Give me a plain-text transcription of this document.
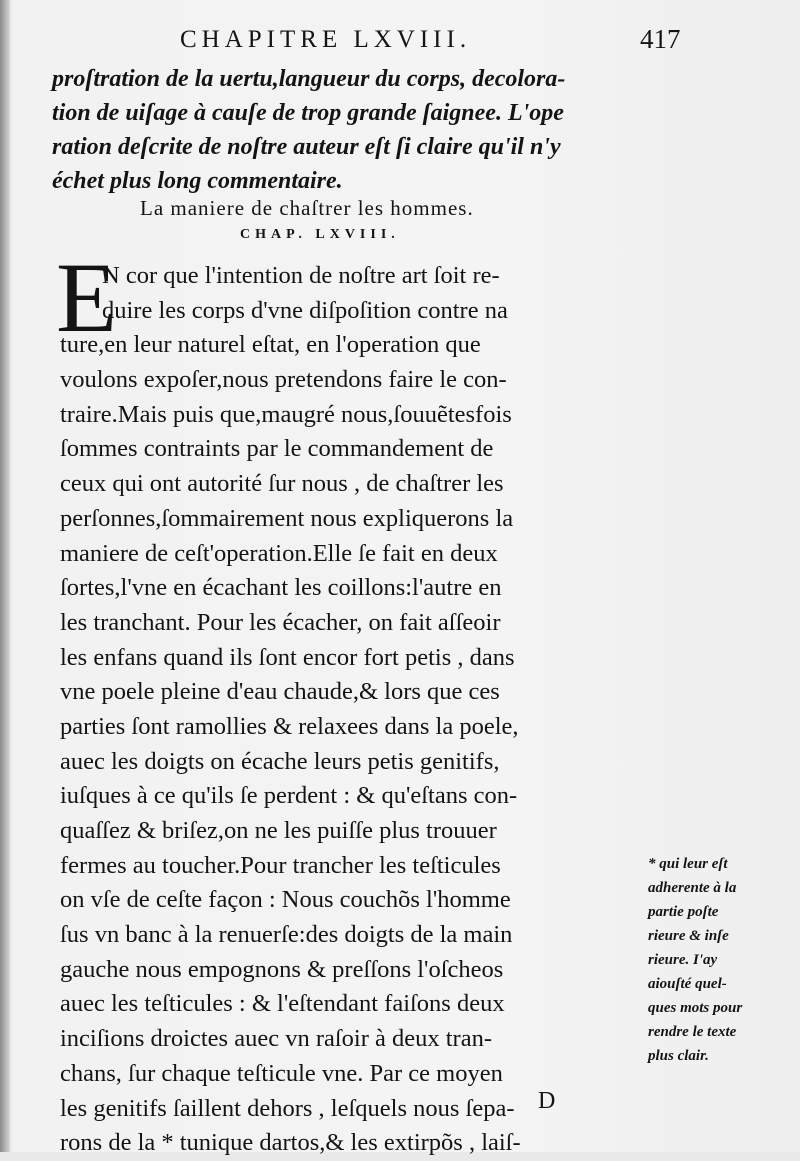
CHAPITRE LXVIII.	417
proſtration de la uertu,langueur du corps, decolora-
tion de uiſage à cauſe de trop grande ſaignee. L'ope
ration deſcrite de noſtre auteur eſt ſi claire qu'il n'y
échet plus long commentaire.
La maniere de chaſtrer les hommes.
CHAP. LXVIII.
E
N cor que l'intention de noſtre art ſoit re-
duire les corps d'vne diſpoſition contre na
ture,en leur naturel eſtat, en l'operation que
voulons expoſer,nous pretendons faire le con-
traire.Mais puis que,maugré nous,ſouuẽtesfois
ſommes contraints par le commandement de
ceux qui ont autorité ſur nous , de chaſtrer les
perſonnes,ſommairement nous expliquerons la
maniere de ceſt'operation.Elle ſe fait en deux
ſortes,l'vne en écachant les coillons:l'autre en
les tranchant. Pour les écacher, on fait aſſeoir
les enfans quand ils ſont encor fort petis , dans
vne poele pleine d'eau chaude,& lors que ces
parties ſont ramollies & relaxees dans la poele,
auec les doigts on écache leurs petis genitifs,
iuſques à ce qu'ils ſe perdent : & qu'eſtans con-
quaſſez & briſez,on ne les puiſſe plus trouuer
fermes au toucher.Pour trancher les teſticules
on vſe de ceſte façon : Nous couchõs l'homme
ſus vn banc à la renuerſe:des doigts de la main
gauche nous empognons & preſſons l'oſcheos
auec les teſticules : & l'eſtendant faiſons deux
inciſions droictes auec vn raſoir à deux tran-
chans, ſur chaque teſticule vne. Par ce moyen
les genitifs ſaillent dehors , leſquels nous ſepa-
rons de la * tunique dartos,& les extirpõs , laiſ-
* qui leur eſt
adherente à la
partie poſte
rieure & inſe
rieure. I'ay
aiouſté quel-
ques mots pour
rendre le texte
plus clair.
D
